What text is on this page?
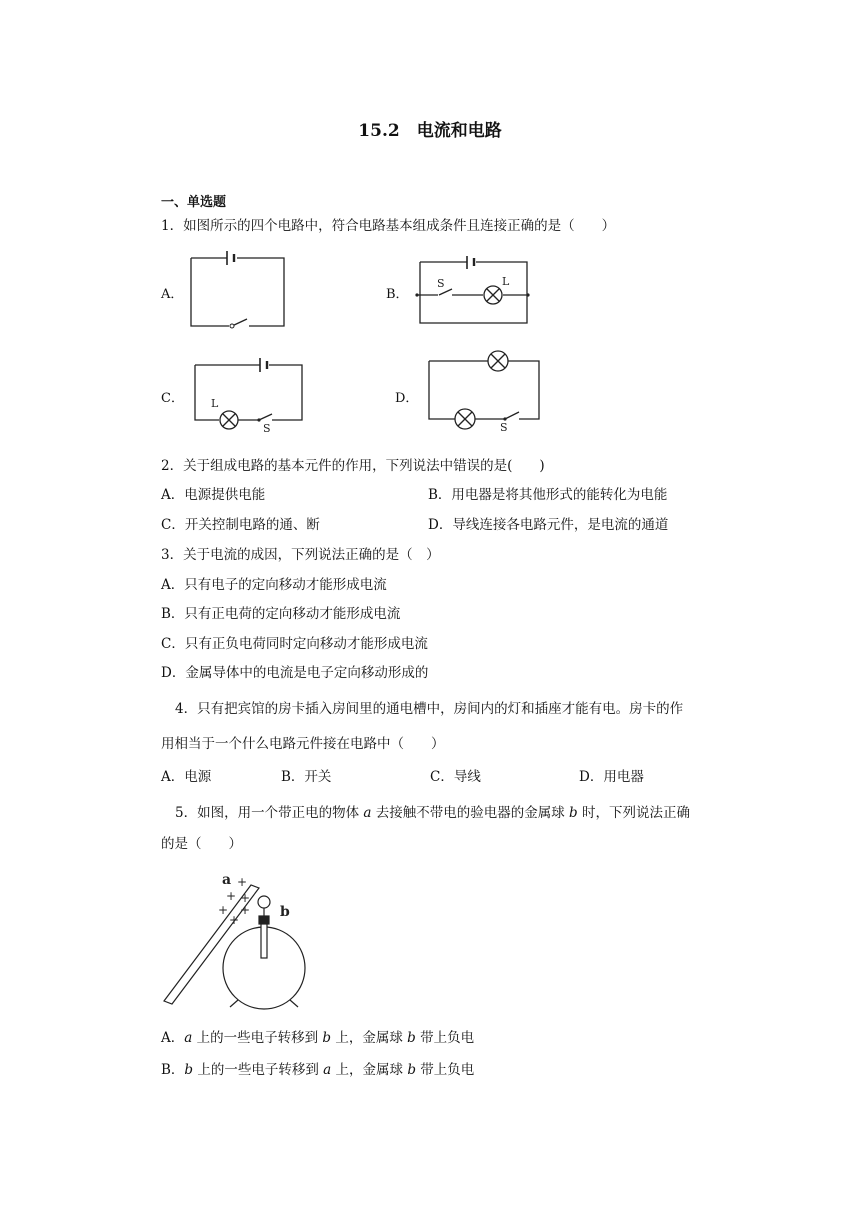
15.2　电流和电路
一、单选题
1．如图所示的四个电路中，符合电路基本组成条件且连接正确的是（　　）
A．	B．
C．	D．
S	L
L
S	S
2．关于组成电路的基本元件的作用，下列说法中错误的是(　　)
A．电源提供电能	B．用电器是将其他形式的能转化为电能
C．开关控制电路的通、断	D．导线连接各电路元件，是电流的通道
3．关于电流的成因，下列说法正确的是（　）
A．只有电子的定向移动才能形成电流
B．只有正电荷的定向移动才能形成电流
C．只有正负电荷同时定向移动才能形成电流
D．金属导体中的电流是电子定向移动形成的
4．只有把宾馆的房卡插入房间里的通电槽中，房间内的灯和插座才能有电。房卡的作
用相当于一个什么电路元件接在电路中（　　）
A．电源	B．开关	C．导线	D．用电器
5．如图，用一个带正电的物体 a 去接触不带电的验电器的金属球 b 时，下列说法正确
的是（　　）
a
b
+
+ +
+ +
+
A．a 上的一些电子转移到 b 上，金属球 b 带上负电
B．b 上的一些电子转移到 a 上，金属球 b 带上负电
